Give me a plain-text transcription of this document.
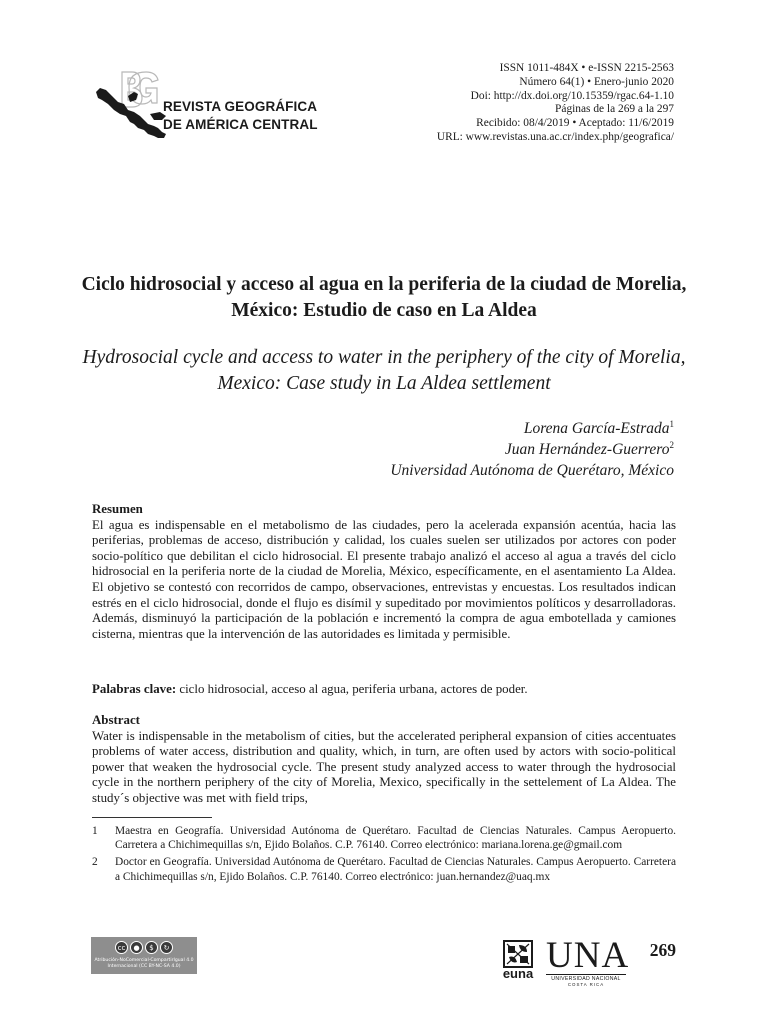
REVISTA GEOGRÁFICA
DE AMÉRICA CENTRAL
ISSN 1011-484X • e-ISSN 2215-2563
Número 64(1) • Enero-junio 2020
Doi: http://dx.doi.org/10.15359/rgac.64-1.10
Páginas de la 269 a la 297
Recibido: 08/4/2019 • Aceptado: 11/6/2019
URL: www.revistas.una.ac.cr/index.php/geografica/
Ciclo hidrosocial y acceso al agua en la periferia de la ciudad de Morelia, México: Estudio de caso en La Aldea
Hydrosocial cycle and access to water in the periphery of the city of Morelia, Mexico: Case study in La Aldea settlement
Lorena García-Estrada$^1$
Juan Hernández-Guerrero$^2$
Universidad Autónoma de Querétaro, México
Resumen
El agua es indispensable en el metabolismo de las ciudades, pero la acelerada expansión acentúa, hacia las periferias, problemas de acceso, distribución y calidad, los cuales suelen ser utilizados por actores con poder socio-político que debilitan el ciclo hidrosocial. El presente trabajo analizó el acceso al agua a través del ciclo hidrosocial en la periferia norte de la ciudad de Morelia, México, específicamente, en el asentamiento La Aldea. El objetivo se contestó con recorridos de campo, observaciones, entrevistas y encuestas. Los resultados indican estrés en el ciclo hidrosocial, donde el flujo es disímil y supeditado por movimientos políticos y desarrolladoras. Además, disminuyó la participación de la población e incrementó la compra de agua embotellada y camiones cisterna, mientras que la intervención de las autoridades es limitada y permisible.
Palabras clave: ciclo hidrosocial, acceso al agua, periferia urbana, actores de poder.
Abstract
Water is indispensable in the metabolism of cities, but the accelerated peripheral expansion of cities accentuates problems of water access, distribution and quality, which, in turn, are often used by actors with socio-political power that weaken the hydrosocial cycle. The present study analyzed access to water through the hydrosocial cycle in the northern periphery of the city of Morelia, Mexico, specifically in the settelement of La Aldea. The study´s objective was met with field trips,
1	Maestra en Geografía. Universidad Autónoma de Querétaro. Facultad de Ciencias Naturales. Campus Aeropuerto. Carretera a Chichimequillas s/n, Ejido Bolaños. C.P. 76140. Correo electrónico: mariana.lorena.ge@gmail.com
2	Doctor en Geografía. Universidad Autónoma de Querétaro. Facultad de Ciencias Naturales. Campus Aeropuerto. Carretera a Chichimequillas s/n, Ejido Bolaños. C.P. 76140. Correo electrónico: juan.hernandez@uaq.mx
cc	●	$	↻
Atribución-NoComercial-CompartirIgual 4.0 Internacional (CC BY-NC-SA 4.0)	euna UNA
UNIVERSIDAD NACIONAL
COSTA RICA
269
